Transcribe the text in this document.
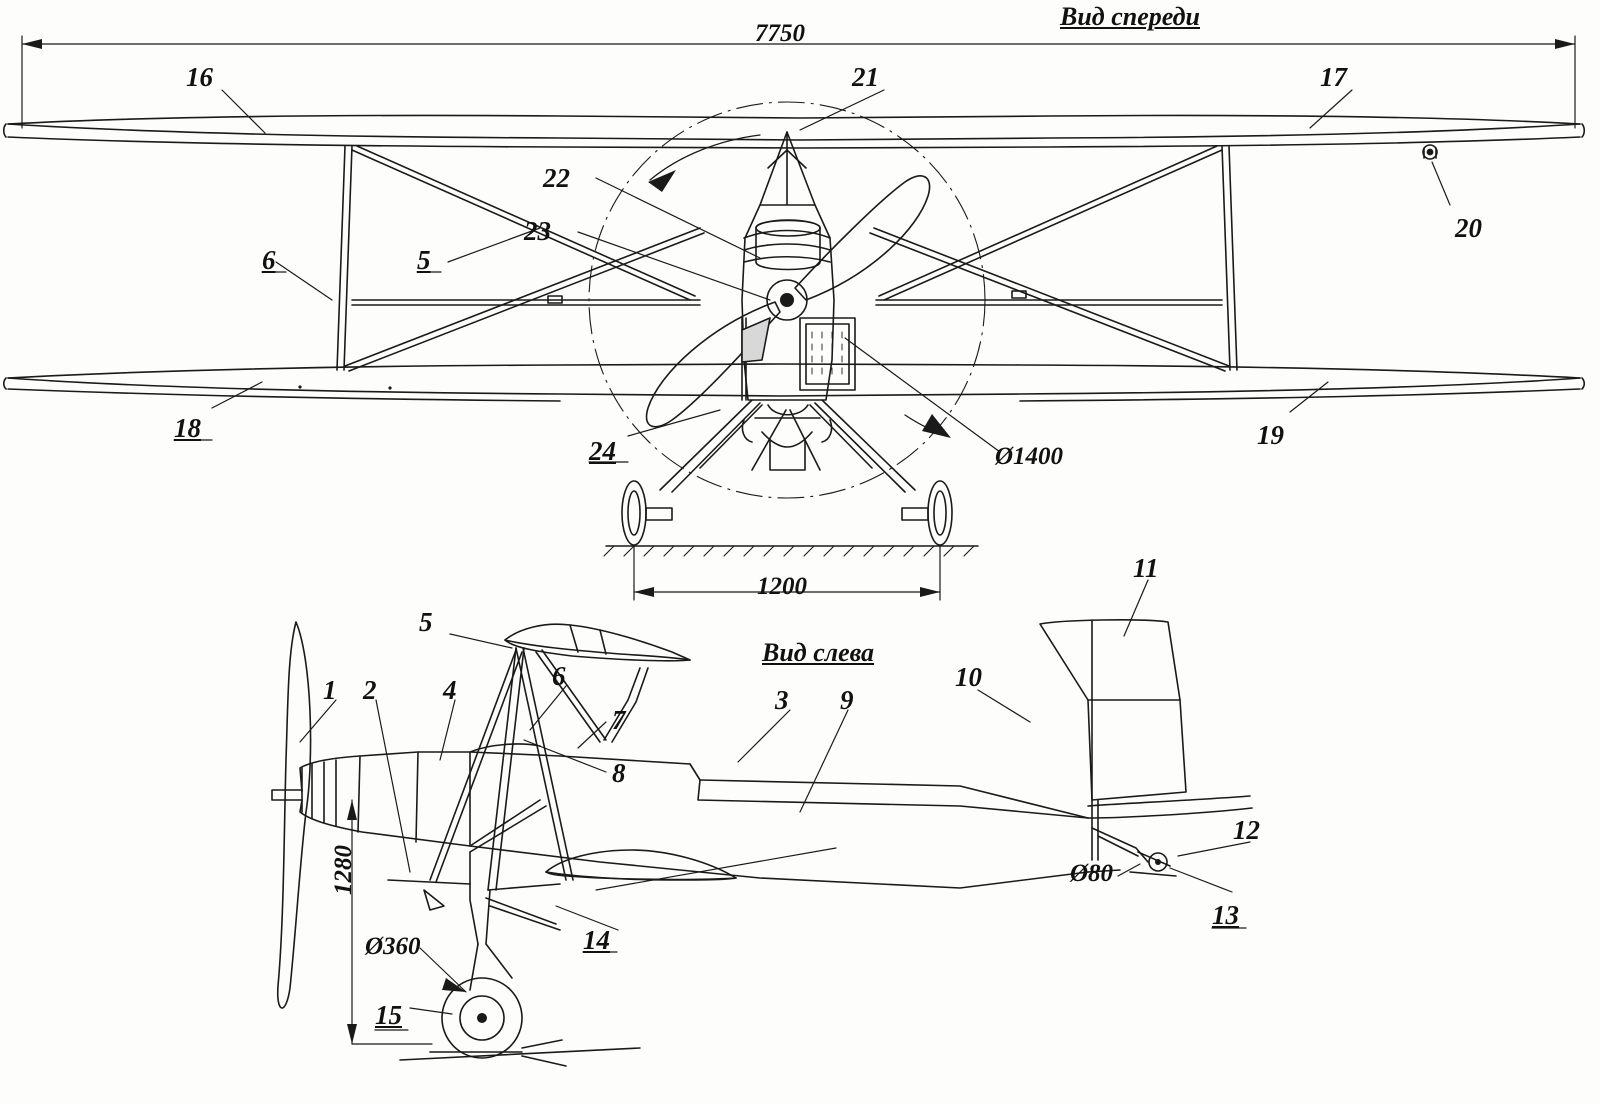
Вид спереди
Вид слева
7750
Ø1400
1200
1280
Ø360
Ø80
16	21	17
22
23	20
6	5
18
24
19
11
5
6	10
1 2 4	3 9
7
8
12
13
14
15
